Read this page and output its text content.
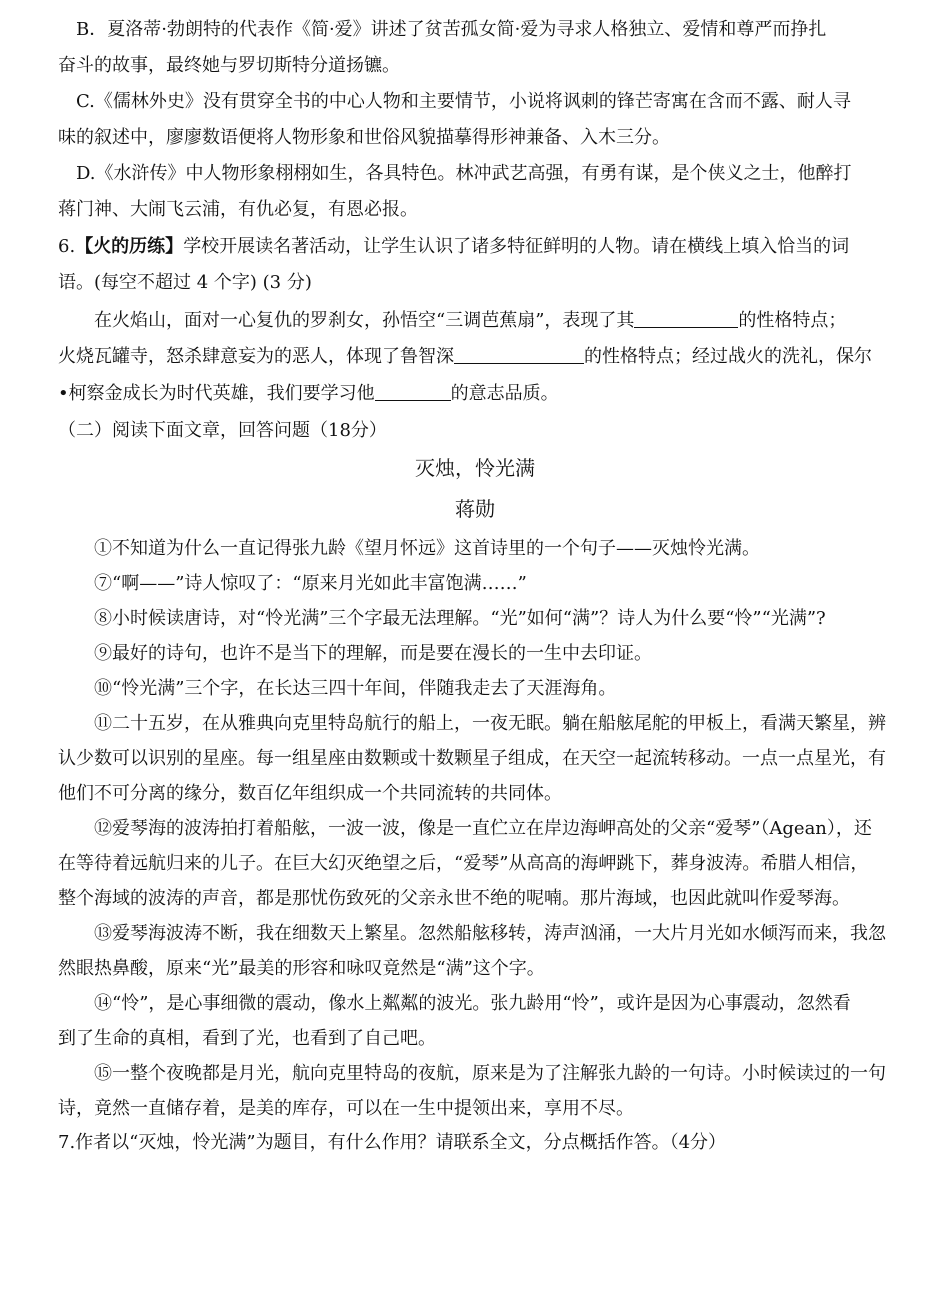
B．夏洛蒂·勃朗特的代表作《简·爱》讲述了贫苦孤女简·爱为寻求人格独立、爱情和尊严而挣扎
奋斗的故事，最终她与罗切斯特分道扬镳。
C.《儒林外史》没有贯穿全书的中心人物和主要情节，小说将讽刺的锋芒寄寓在含而不露、耐人寻
味的叙述中，廖廖数语便将人物形象和世俗风貌描摹得形神兼备、入木三分。
D.《水浒传》中人物形象栩栩如生，各具特色。林冲武艺高强，有勇有谋，是个侠义之士，他醉打
蒋门神、大闹飞云浦，有仇必复，有恩必报。
6.【火的历练】学校开展读名著活动，让学生认识了诸多特征鲜明的人物。请在横线上填入恰当的词
语。(每空不超过 4 个字) (3 分)
在火焰山，面对一心复仇的罗刹女，孙悟空“三调芭蕉扇”，表现了其	的性格特点；
火烧瓦罐寺，怒杀肆意妄为的恶人，体现了鲁智深	的性格特点；经过战火的洗礼，保尔
•柯察金成长为时代英雄，我们要学习他	的意志品质。
（二）阅读下面文章，回答问题（18分）
灭烛，怜光满
蒋勋
①不知道为什么一直记得张九龄《望月怀远》这首诗里的一个句子——灭烛怜光满。
⑦“啊——”诗人惊叹了：“原来月光如此丰富饱满……”
⑧小时候读唐诗，对“怜光满”三个字最无法理解。“光”如何“满”？诗人为什么要“怜”“光满”?
⑨最好的诗句，也许不是当下的理解，而是要在漫长的一生中去印证。
⑩“怜光满”三个字，在长达三四十年间，伴随我走去了天涯海角。
⑪二十五岁，在从雅典向克里特岛航行的船上，一夜无眠。躺在船舷尾舵的甲板上，看满天繁星，辨
认少数可以识别的星座。每一组星座由数颗或十数颗星子组成，在天空一起流转移动。一点一点星光，有
他们不可分离的缘分，数百亿年组织成一个共同流转的共同体。
⑫爱琴海的波涛拍打着船舷，一波一波，像是一直伫立在岸边海岬高处的父亲“爱琴”（Agean），还
在等待着远航归来的儿子。在巨大幻灭绝望之后，“爱琴”从高高的海岬跳下，葬身波涛。希腊人相信，
整个海域的波涛的声音，都是那忧伤致死的父亲永世不绝的呢喃。那片海域，也因此就叫作爱琴海。
⑬爱琴海波涛不断，我在细数天上繁星。忽然船舷移转，涛声汹涌，一大片月光如水倾泻而来，我忽
然眼热鼻酸，原来“光”最美的形容和咏叹竟然是“满”这个字。
⑭“怜”，是心事细微的震动，像水上粼粼的波光。张九龄用“怜”，或许是因为心事震动，忽然看
到了生命的真相，看到了光，也看到了自己吧。
⑮一整个夜晚都是月光，航向克里特岛的夜航，原来是为了注解张九龄的一句诗。小时候读过的一句
诗，竟然一直储存着，是美的库存，可以在一生中提领出来，享用不尽。
7.作者以“灭烛，怜光满”为题目，有什么作用？请联系全文，分点概括作答。（4分）
